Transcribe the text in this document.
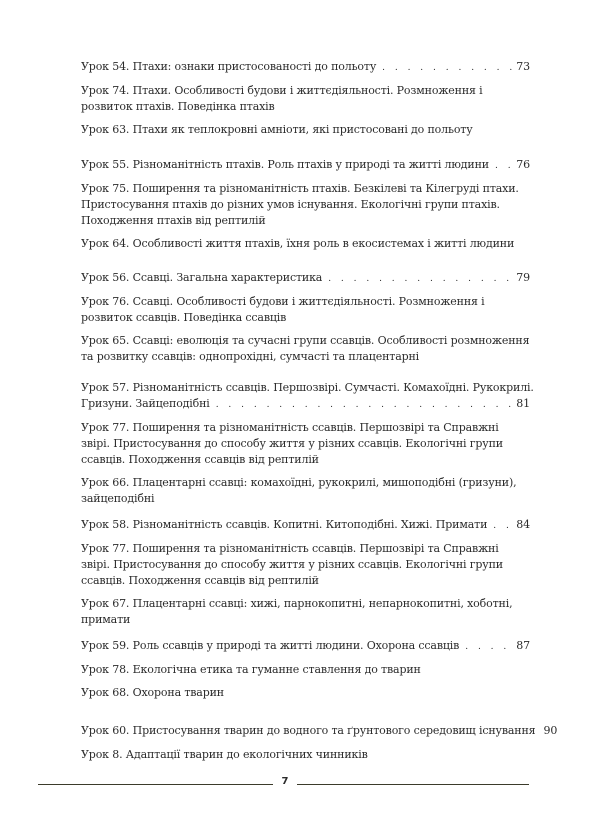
Урок 54. Птахи: ознаки пристосованості до польоту . . .	73
Урок 74. Птахи. Особливості будови і життєдіяльності. Розмноження і розвиток птахів. Поведінка птахів
Урок 63. Птахи як теплокровні амніоти, які пристосовані до польоту
Урок 55. Різноманітність птахів. Роль птахів у природі та житті людини . . . 76
Урок 75. Поширення та різноманітність птахів. Безкілеві та Кілегруді птахи. Пристосування птахів до різних умов існування. Екологічні групи птахів. Походження птахів від рептилій
Урок 64. Особливості життя птахів, їхня роль в екосистемах і житті людини
Урок 56. Ссавці. Загальна характеристика . . .	79
Урок 76. Ссавці. Особливості будови і життєдіяльності. Розмноження і розвиток ссавців. Поведінка ссавців
Урок 65. Ссавці: еволюція та сучасні групи ссавців. Особливості розмноження та розвитку ссавців: однопрохідні, сумчасті та плацентарні
Урок 57. Різноманітність ссавців. Першозвірі. Сумчасті. Комахоїдні. Рукокрилі.
Гризуни. Зайцеподібні . . .	81
Урок 77. Поширення та різноманітність ссавців. Першозвірі та Справжні звірі. Пристосування до способу життя у різних ссавців. Екологічні групи ссавців. Походження ссавців від рептилій
Урок 66. Плацентарні ссавці: комахоїдні, рукокрилі, мишоподібні (гризуни), зайцеподібні
Урок 58. Різноманітність ссавців. Копитні. Китоподібні. Хижі. Примати . . .	84
Урок 77. Поширення та різноманітність ссавців. Першозвірі та Справжні звірі. Пристосування до способу життя у різних ссавців. Екологічні групи ссавців. Походження ссавців від рептилій
Урок 67. Плацентарні ссавці: хижі, парнокопитні, непарнокопитні, хоботні, примати
Урок 59. Роль ссавців у природі та житті людини. Охорона ссавців . . .	87
Урок 78. Екологічна етика та гуманне ставлення до тварин
Урок 68. Охорона тварин
Урок 60. Пристосування тварин до водного та ґрунтового середовищ існування 90
Урок 8. Адаптації тварин до екологічних чинників
7
